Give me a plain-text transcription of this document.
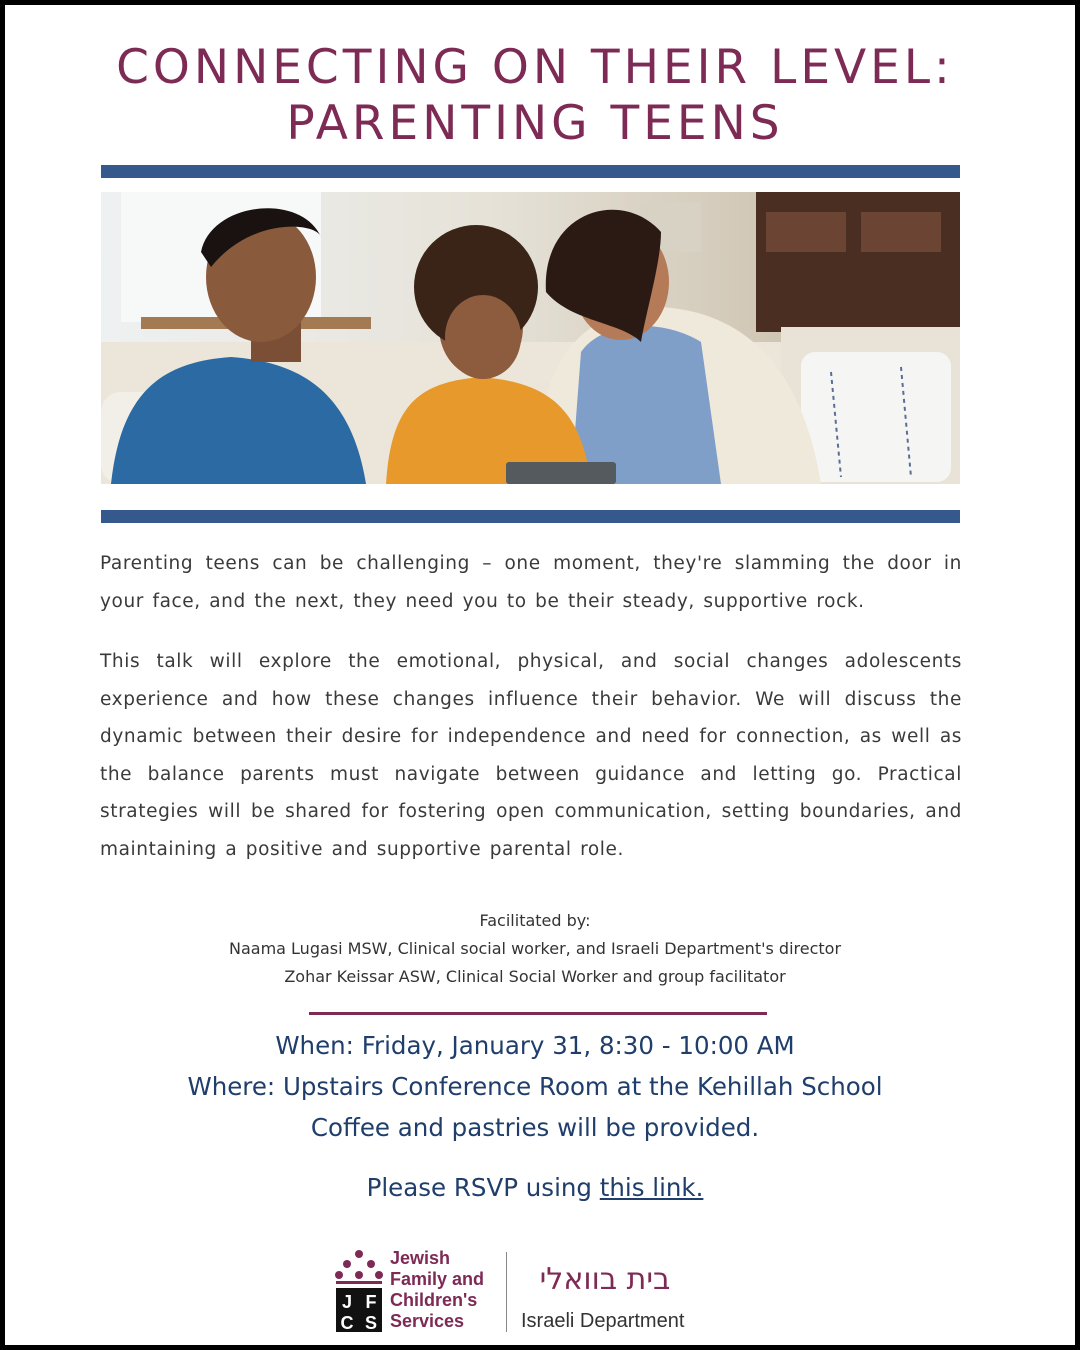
CONNECTING ON THEIR LEVEL:
PARENTING TEENS
Parenting teens can be challenging – one moment, they're slamming the door in your face, and the next, they need you to be their steady, supportive rock.
This talk will explore the emotional, physical, and social changes adolescents experience and how these changes influence their behavior. We will discuss the dynamic between their desire for independence and need for connection, as well as the balance parents must navigate between guidance and letting go. Practical strategies will be shared for fostering open communication, setting boundaries, and maintaining a positive and supportive parental role.
Facilitated by:
Naama Lugasi MSW, Clinical social worker, and Israeli Department's director
Zohar Keissar ASW, Clinical Social Worker and group facilitator
When: Friday, January 31, 8:30 - 10:00 AM
Where: Upstairs Conference Room at the Kehillah School
Coffee and pastries will be provided.
Please RSVP using this link.
J F
C S
Jewish
Family and
Children's
Services
בית בוואלי
Israeli Department
